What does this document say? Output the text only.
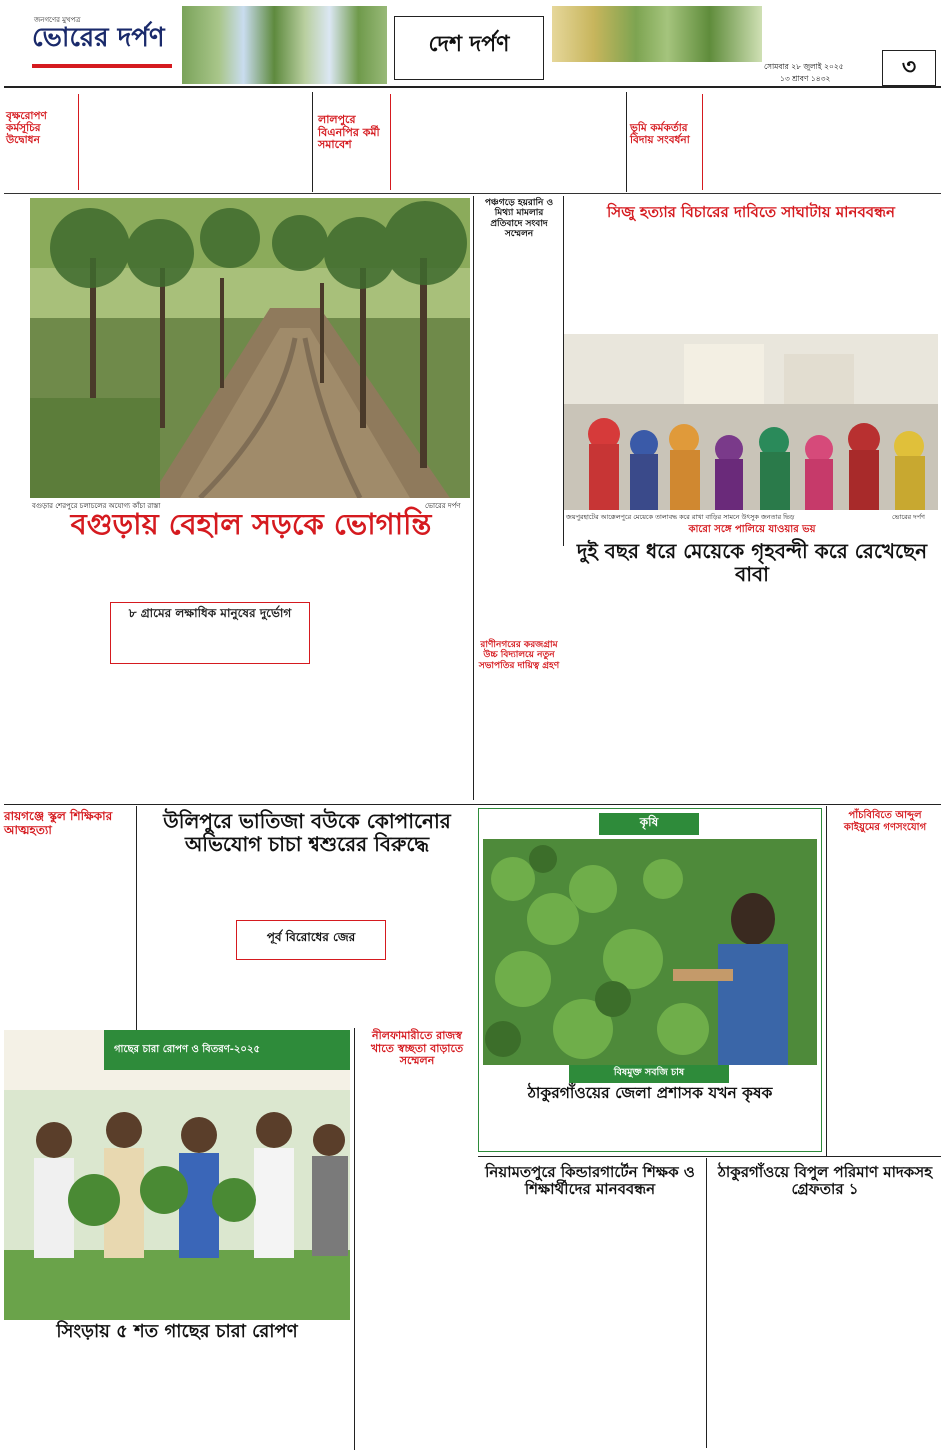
জনগণের মুখপত্র
ভোরের দর্পণ	দেশ দর্পণ
সোমবার ২৮ জুলাই ২০২৫
১৩ শ্রাবণ ১৪৩২	৩
বৃক্ষরোপণ কর্মসূচির উদ্বোধন
লালপুরে বিএনপির কর্মী সমাবেশ
ভূমি কর্মকর্তার বিদায় সংবর্ধনা
বগুড়ার শেরপুরে চলাচলের অযোগ্য কাঁচা রাস্তা	ভোরের দর্পণ
বগুড়ায় বেহাল সড়কে ভোগান্তি
৮ গ্রামের লক্ষাধিক মানুষের দুর্ভোগ
পঞ্চগড়ে হয়রানি ও মিথ্যা মামলার প্রতিবাদে সংবাদ সম্মেলন
সিজু হত্যার বিচারের দাবিতে সাঘাটায় মানববন্ধন
জয়পুরহাটের আক্কেলপুরে মেয়েকে তালাবদ্ধ করে রাখা বাড়ির সামনে উৎসুক জনতার ভিড়	ভোরের দর্পণ
রাণীনগরের করজগ্রাম উচ্চ বিদ্যালয়ে নতুন সভাপতির দায়িত্ব গ্রহণ
কারো সঙ্গে পালিয়ে যাওয়ার ভয়
দুই বছর ধরে মেয়েকে গৃহবন্দী করে রেখেছেন বাবা
রায়গঞ্জে স্কুল শিক্ষিকার আত্মহত্যা	উলিপুরে ভাতিজা বউকে কোপানোর অভিযোগ চাচা শ্বশুরের বিরুদ্ধে
পূর্ব বিরোধের জের
কৃষি
বিষমুক্ত সবজি চাষ
ঠাকুরগাঁওয়ের জেলা প্রশাসক যখন কৃষক
পাঁচবিবিতে আব্দুল কাইয়ুমের গণসংযোগ
গাছের চারা রোপণ ও বিতরণ-২০২৫
সিংড়ায় ৫ শত গাছের চারা রোপণ
নীলফামারীতে রাজস্ব খাতে স্বচ্ছতা বাড়াতে সম্মেলন
নিয়ামতপুরে কিন্ডারগার্টেন শিক্ষক ও শিক্ষার্থীদের মানববন্ধন
ঠাকুরগাঁওয়ে বিপুল পরিমাণ মাদকসহ গ্রেফতার ১
